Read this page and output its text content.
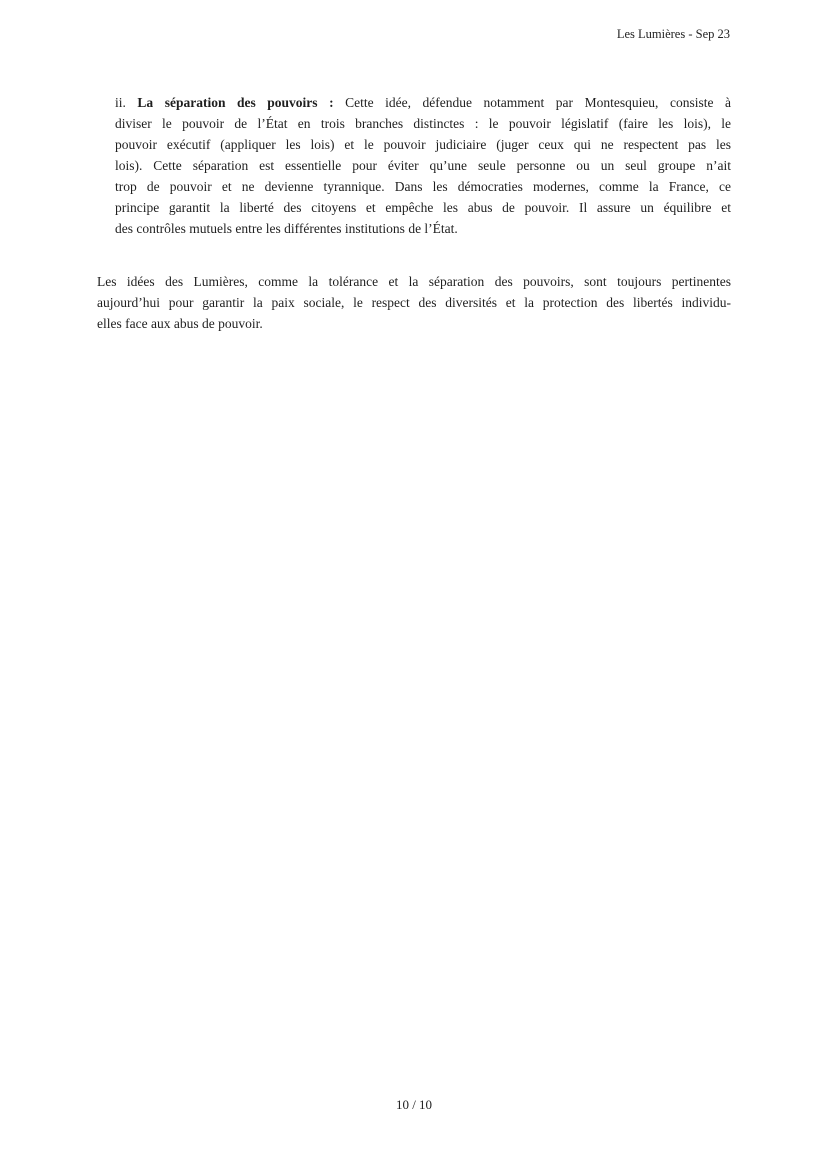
Les Lumières - Sep 23
ii. La séparation des pouvoirs : Cette idée, défendue notamment par Montesquieu, consiste à
diviser le pouvoir de l’État en trois branches distinctes : le pouvoir législatif (faire les lois), le
pouvoir exécutif (appliquer les lois) et le pouvoir judiciaire (juger ceux qui ne respectent pas les
lois). Cette séparation est essentielle pour éviter qu’une seule personne ou un seul groupe n’ait
trop de pouvoir et ne devienne tyrannique. Dans les démocraties modernes, comme la France, ce
principe garantit la liberté des citoyens et empêche les abus de pouvoir. Il assure un équilibre et
des contrôles mutuels entre les différentes institutions de l’État.
Les idées des Lumières, comme la tolérance et la séparation des pouvoirs, sont toujours pertinentes
aujourd’hui pour garantir la paix sociale, le respect des diversités et la protection des libertés individu-
elles face aux abus de pouvoir.
10 / 10
